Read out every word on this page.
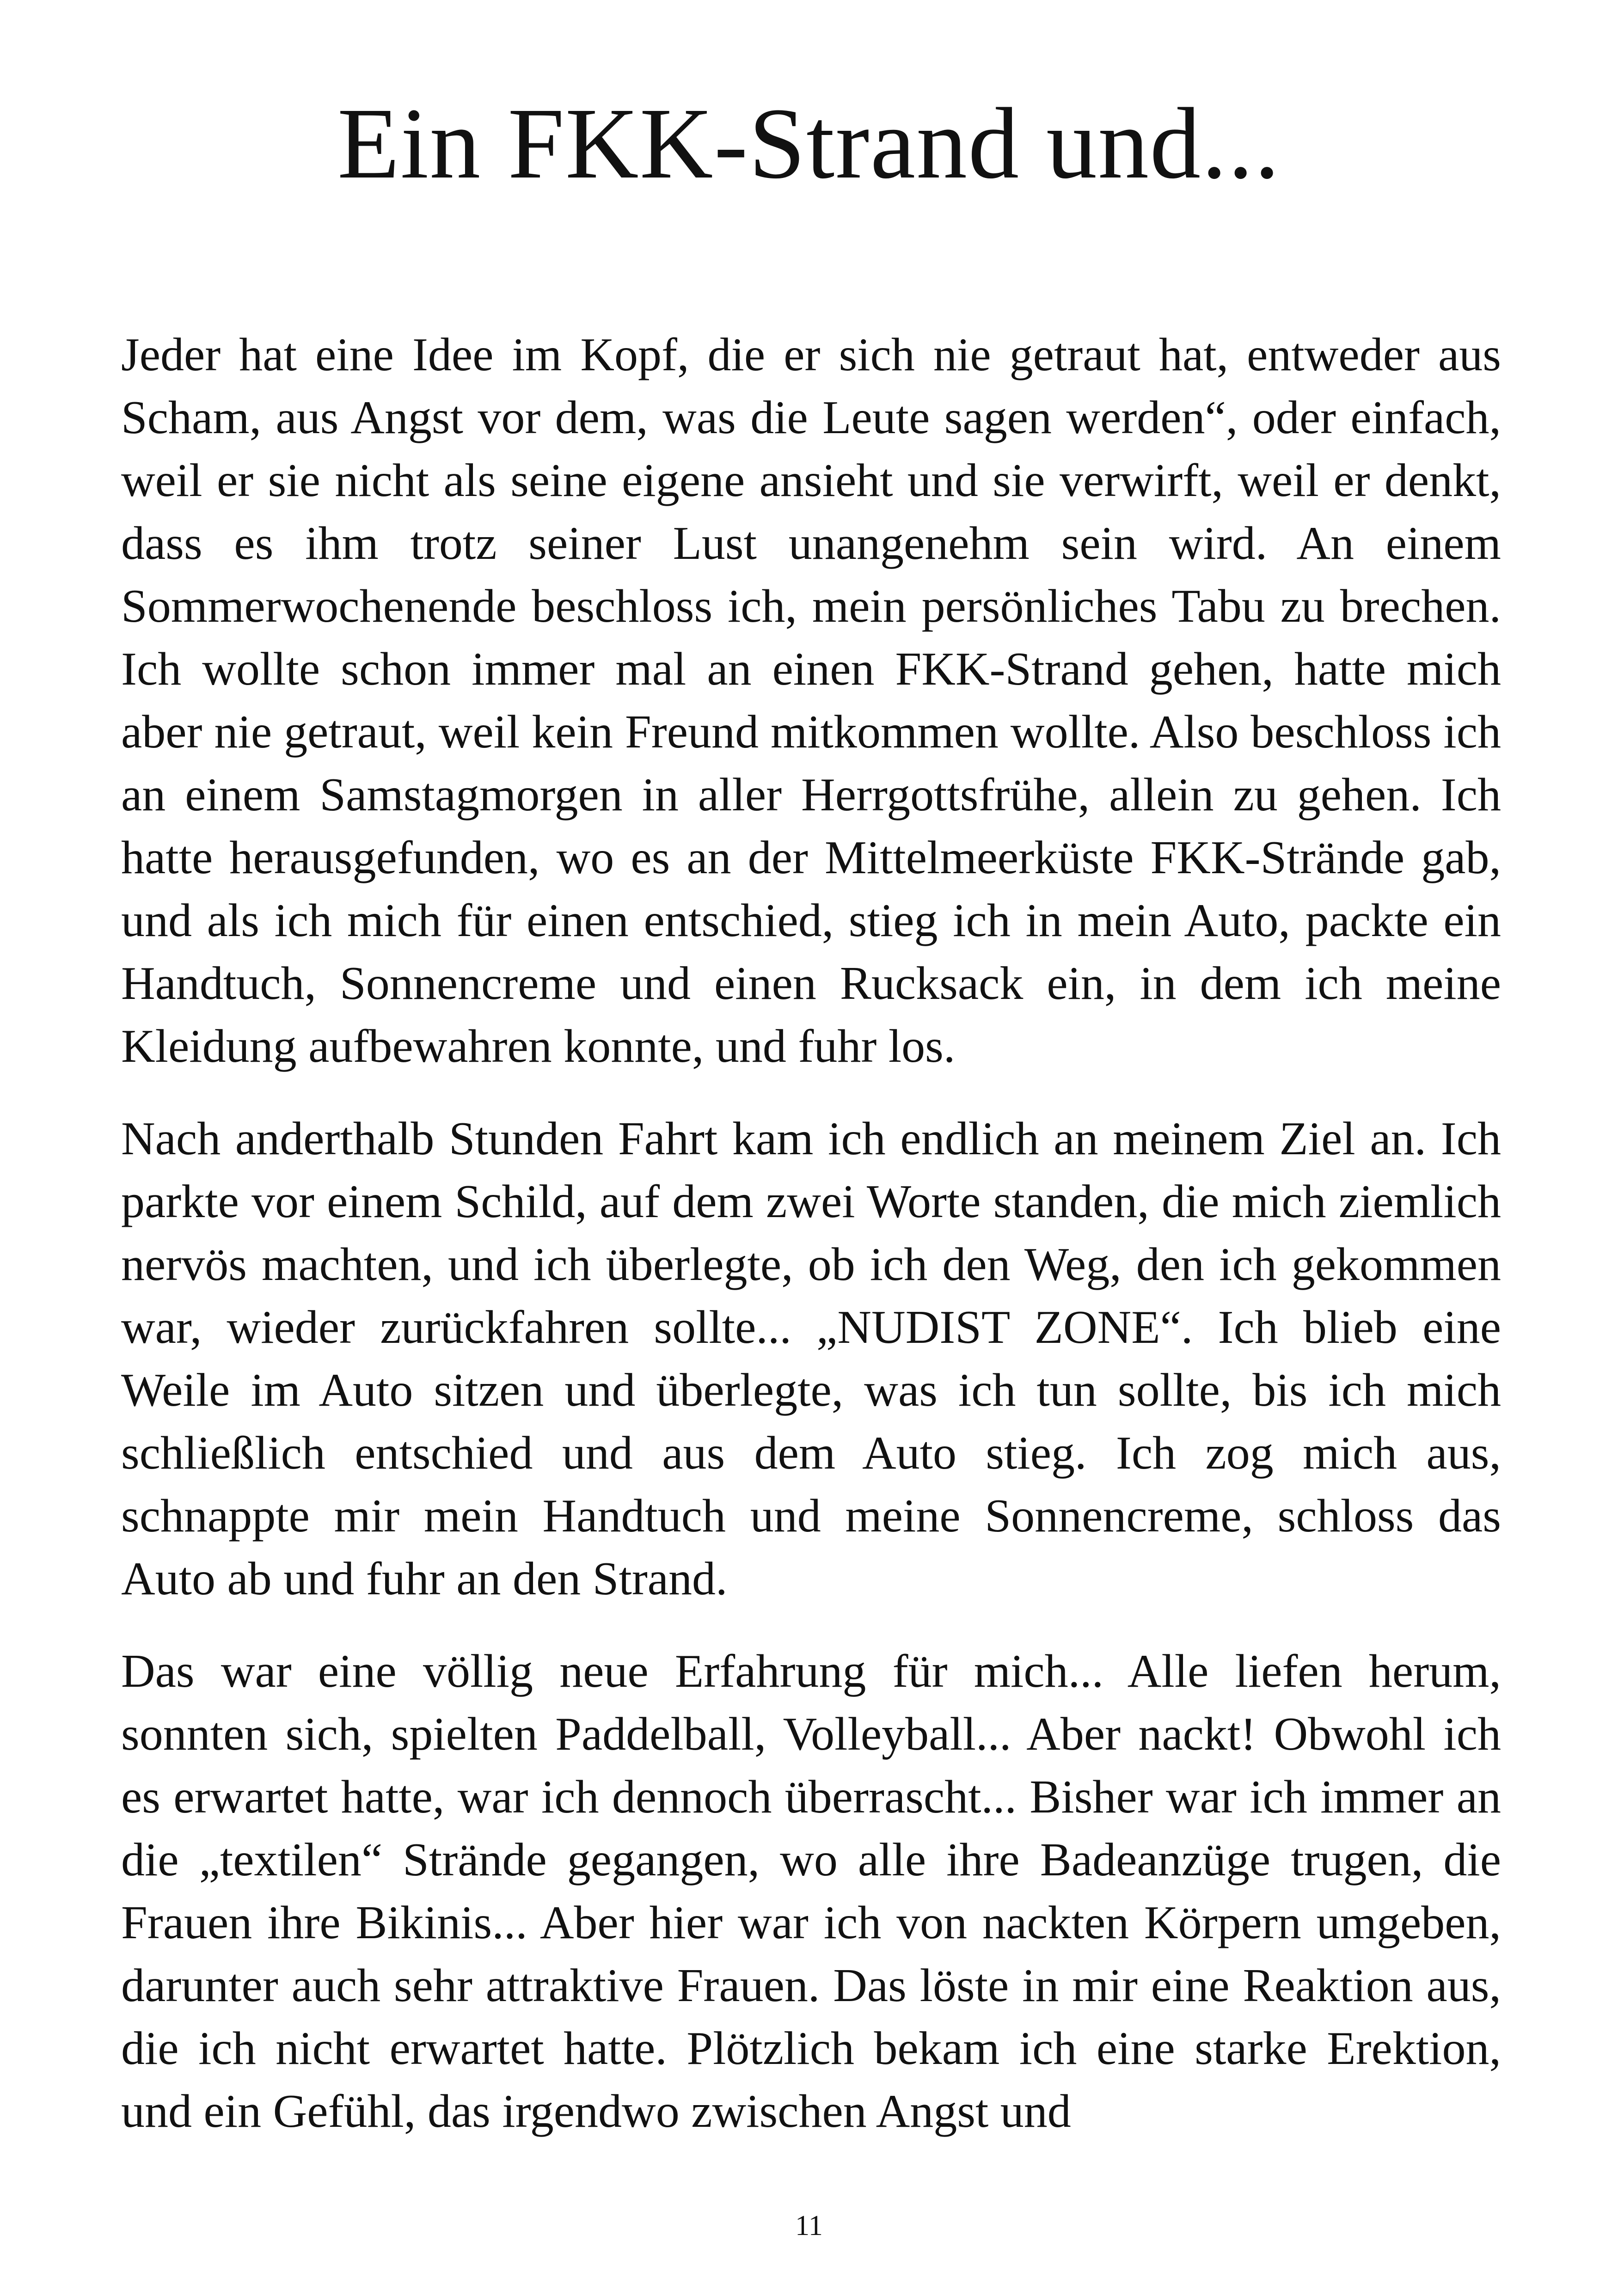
Ein FKK-Strand und...

Jeder hat eine Idee im Kopf, die er sich nie getraut hat, entweder aus Scham, aus Angst vor dem, was die Leute sagen werden“, oder einfach, weil er sie nicht als seine eigene ansieht und sie verwirft, weil er denkt, dass es ihm trotz seiner Lust unangenehm sein wird. An einem Sommerwochenende beschloss ich, mein persönliches Tabu zu brechen. Ich wollte schon immer mal an einen FKK-Strand gehen, hatte mich aber nie getraut, weil kein Freund mitkommen wollte. Also beschloss ich an einem Samstagmorgen in aller Herrgottsfrühe, allein zu gehen. Ich hatte herausgefunden, wo es an der Mittelmeerküste FKK-Strände gab, und als ich mich für einen entschied, stieg ich in mein Auto, packte ein Handtuch, Sonnencreme und einen Rucksack ein, in dem ich meine Kleidung aufbewahren konnte, und fuhr los.

Nach anderthalb Stunden Fahrt kam ich endlich an meinem Ziel an. Ich parkte vor einem Schild, auf dem zwei Worte standen, die mich ziemlich nervös machten, und ich überlegte, ob ich den Weg, den ich gekommen war, wieder zurückfahren sollte... „NUDIST ZONE“. Ich blieb eine Weile im Auto sitzen und überlegte, was ich tun sollte, bis ich mich schließlich entschied und aus dem Auto stieg. Ich zog mich aus, schnappte mir mein Handtuch und meine Sonnencreme, schloss das Auto ab und fuhr an den Strand.

Das war eine völlig neue Erfahrung für mich... Alle liefen herum, sonnten sich, spielten Paddelball, Volleyball... Aber nackt! Obwohl ich es erwartet hatte, war ich dennoch überrascht... Bisher war ich immer an die „textilen“ Strände gegangen, wo alle ihre Badeanzüge trugen, die Frauen ihre Bikinis... Aber hier war ich von nackten Körpern umgeben, darunter auch sehr attraktive Frauen. Das löste in mir eine Reaktion aus, die ich nicht erwartet hatte. Plötzlich bekam ich eine starke Erektion, und ein Gefühl, das irgendwo zwischen Angst und

11
